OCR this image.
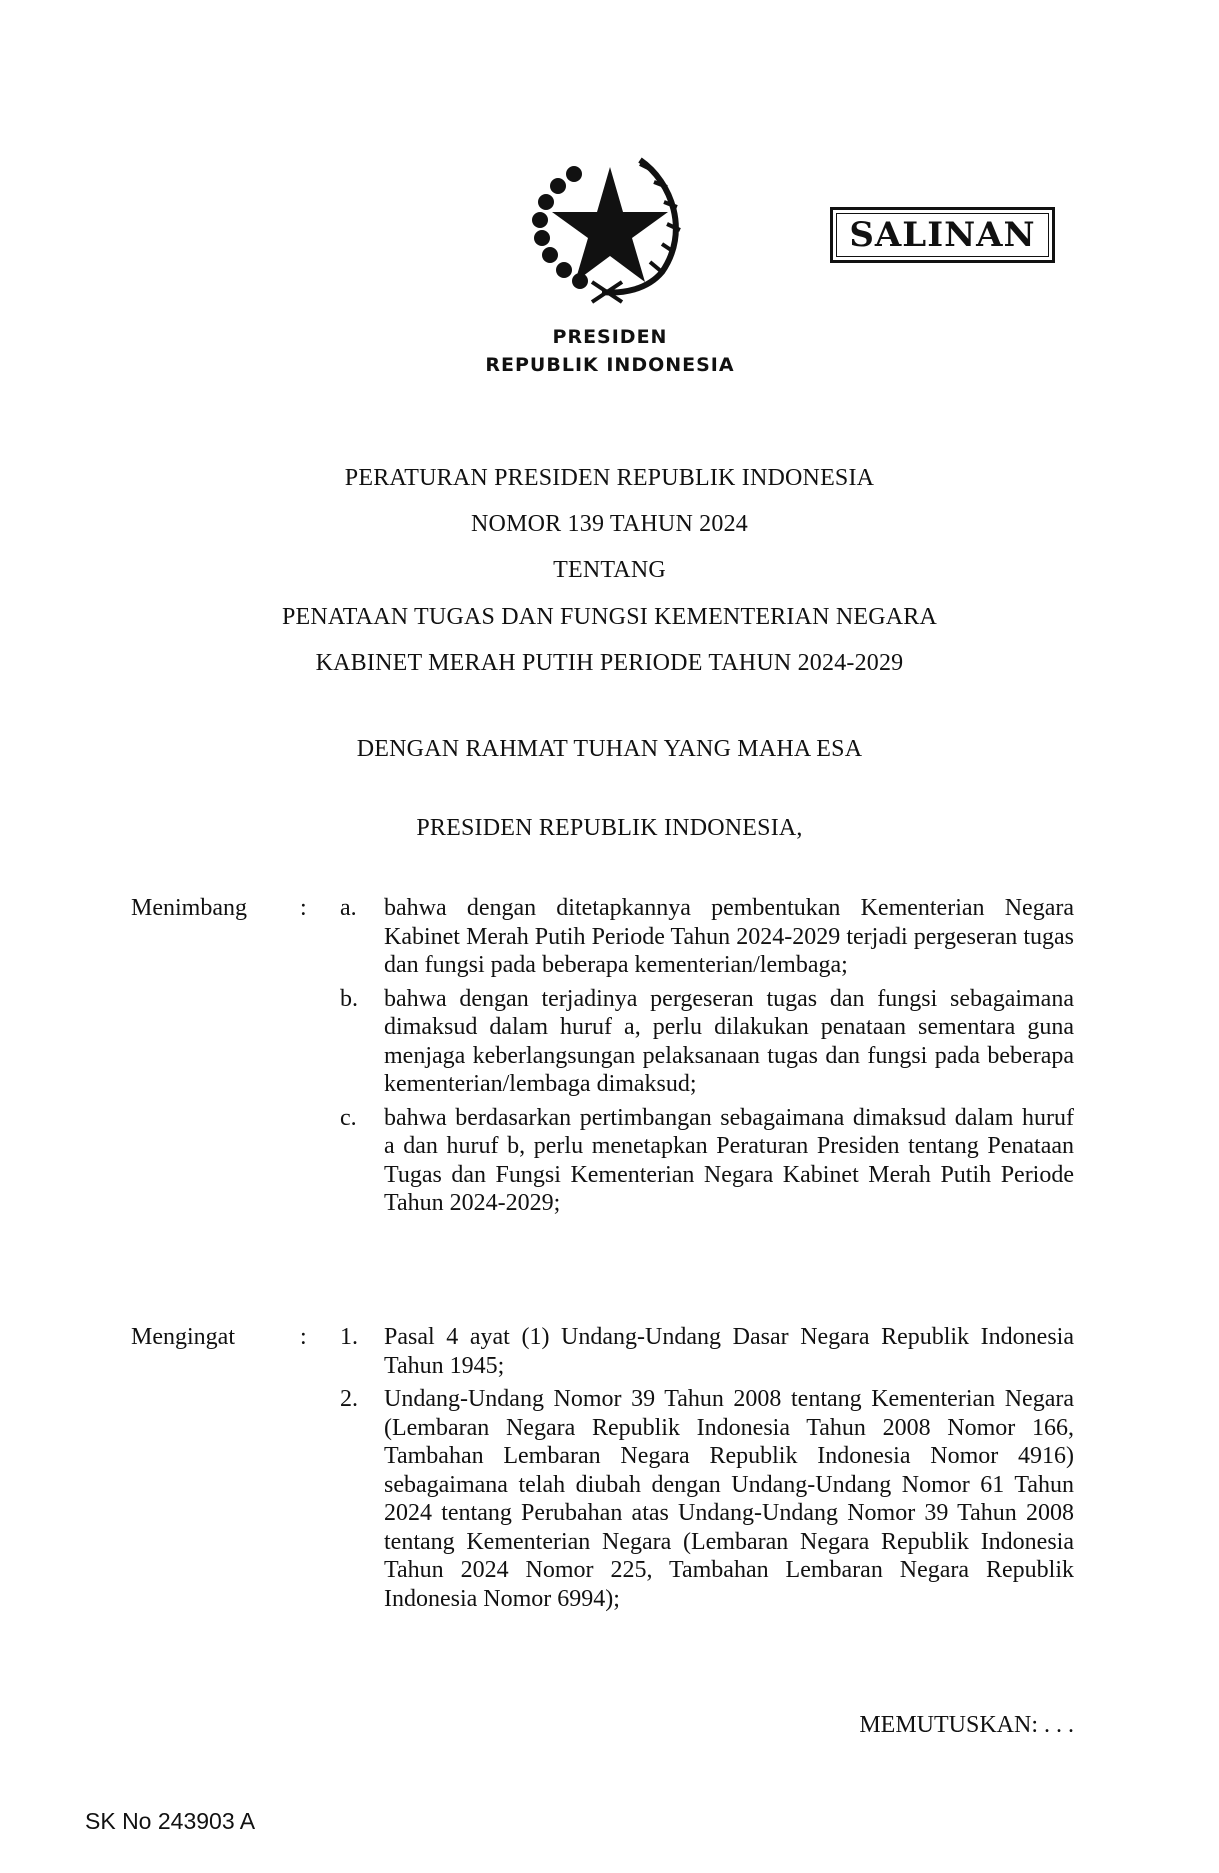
PRESIDEN
REPUBLIK INDONESIA
SALINAN
PERATURAN PRESIDEN REPUBLIK INDONESIA
NOMOR 139 TAHUN 2024
TENTANG
PENATAAN TUGAS DAN FUNGSI KEMENTERIAN NEGARA
KABINET MERAH PUTIH PERIODE TAHUN 2024-2029
DENGAN RAHMAT TUHAN YANG MAHA ESA
PRESIDEN REPUBLIK INDONESIA,
Menimbang	:	a.	bahwa dengan ditetapkannya pembentukan Kementerian Negara Kabinet Merah Putih Periode Tahun 2024-2029 terjadi pergeseran tugas dan fungsi pada beberapa kementerian/lembaga;
b.	bahwa dengan terjadinya pergeseran tugas dan fungsi sebagaimana dimaksud dalam huruf a, perlu dilakukan penataan sementara guna menjaga keberlangsungan pelaksanaan tugas dan fungsi pada beberapa kementerian/lembaga dimaksud;
c.	bahwa berdasarkan pertimbangan sebagaimana dimaksud dalam huruf a dan huruf b, perlu menetapkan Peraturan Presiden tentang Penataan Tugas dan Fungsi Kementerian Negara Kabinet Merah Putih Periode Tahun 2024-2029;
Mengingat	:	1.	Pasal 4 ayat (1) Undang-Undang Dasar Negara Republik Indonesia Tahun 1945;
2.	Undang-Undang Nomor 39 Tahun 2008 tentang Kementerian Negara (Lembaran Negara Republik Indonesia Tahun 2008 Nomor 166, Tambahan Lembaran Negara Republik Indonesia Nomor 4916) sebagaimana telah diubah dengan Undang-Undang Nomor 61 Tahun 2024 tentang Perubahan atas Undang-Undang Nomor 39 Tahun 2008 tentang Kementerian Negara (Lembaran Negara Republik Indonesia Tahun 2024 Nomor 225, Tambahan Lembaran Negara Republik Indonesia Nomor 6994);
MEMUTUSKAN: . . .
SK No 243903 A
